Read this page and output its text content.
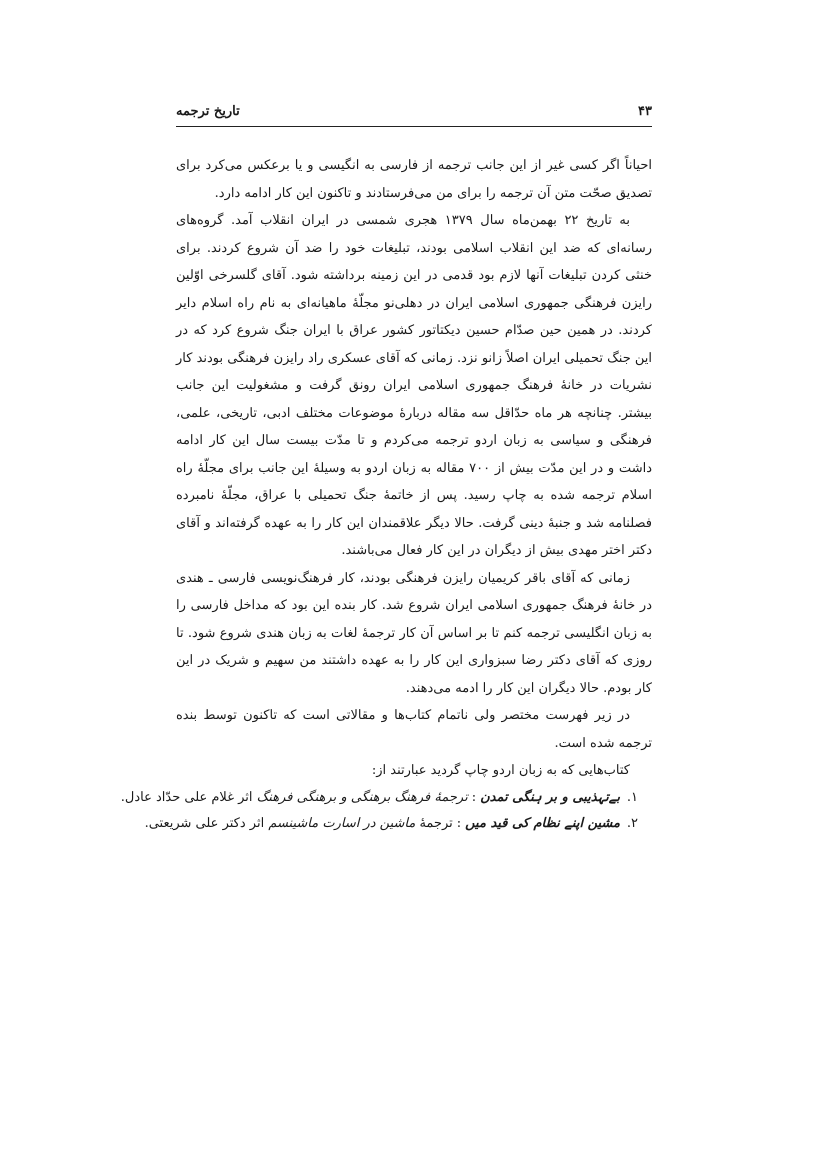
۴۳
تاریخ ترجمه

احیاناً اگر کسی غیر از این جانب ترجمه از فارسی به انگیسی و یا برعکس می‌کرد برای تصدیق صحّت متن آن ترجمه را برای من می‌فرستادند و تاکنون این کار ادامه دارد.

به تاریخ ۲۲ بهمن‌ماه سال ۱۳۷۹ هجری شمسی در ایران انقلاب آمد. گروه‌های رسانه‌ای که ضد این انقلاب اسلامی بودند، تبلیغات خود را ضد آن شروع کردند. برای خنثی کردن تبلیغات آنها لازم بود قدمی در این زمینه برداشته شود. آقای گلسرخی اوّلین رایزن فرهنگی جمهوری اسلامی ایران در دهلی‌نو مجلّهٔ ماهیانه‌ای به نام راه اسلام دایر کردند. در همین حین صدّام حسین دیکتاتور کشور عراق با ایران جنگ شروع کرد که در این جنگ تحمیلی ایران اصلاً زانو نزد. زمانی که آقای عسکری راد رایزن فرهنگی بودند کار نشریات در خانهٔ فرهنگ جمهوری اسلامی ایران رونق گرفت و مشغولیت این جانب بیشتر. چنانچه هر ماه حدّاقل سه مقاله دربارهٔ موضوعات مختلف ادبی، تاریخی، علمی، فرهنگی و سیاسی به زبان اردو ترجمه می‌کردم و تا مدّت بیست سال این کار ادامه داشت و در این مدّت بیش از ۷۰۰ مقاله به زبان اردو به وسیلهٔ این جانب برای مجلّهٔ راه اسلام ترجمه شده به چاپ رسید. پس از خاتمهٔ جنگ تحمیلی با عراق، مجلّهٔ نامبرده فصلنامه شد و جنبهٔ دینی گرفت. حالا دیگر علاقمندان این کار را به عهده گرفته‌اند و آقای دکتر اختر مهدی بیش از دیگران در این کار فعال می‌باشند.

زمانی که آقای باقر کریمیان رایزن فرهنگی بودند، کار فرهنگ‌نویسی فارسی ـ هندی در خانهٔ فرهنگ جمهوری اسلامی ایران شروع شد. کار بنده این بود که مداخل فارسی را به زبان انگلیسی ترجمه کنم تا بر اساس آن کار ترجمهٔ لغات به زبان هندی شروع شود. تا روزی که آقای دکتر رضا سبزواری این کار را به عهده داشتند من سهیم و شریک در این کار بودم. حالا دیگران این کار را ادمه می‌دهند.

در زیر فهرست مختصر ولی ناتمام کتاب‌ها و مقالاتی است که تاکنون توسط بنده ترجمه شده است.

کتاب‌هایی که به زبان اردو چاپ گردید عبارتند از:

۱.
بےتہذیبی و بر ہنگی تمدن
:
ترجمهٔ فرهنگ برهنگی و برهنگی فرهنگ اثر غلام علی حدّاد عادل.
۲.
مشین اپنے نظام کی قید میں
:
ترجمهٔ ماشین در اسارت ماشینسم اثر دکتر علی شریعتی.
